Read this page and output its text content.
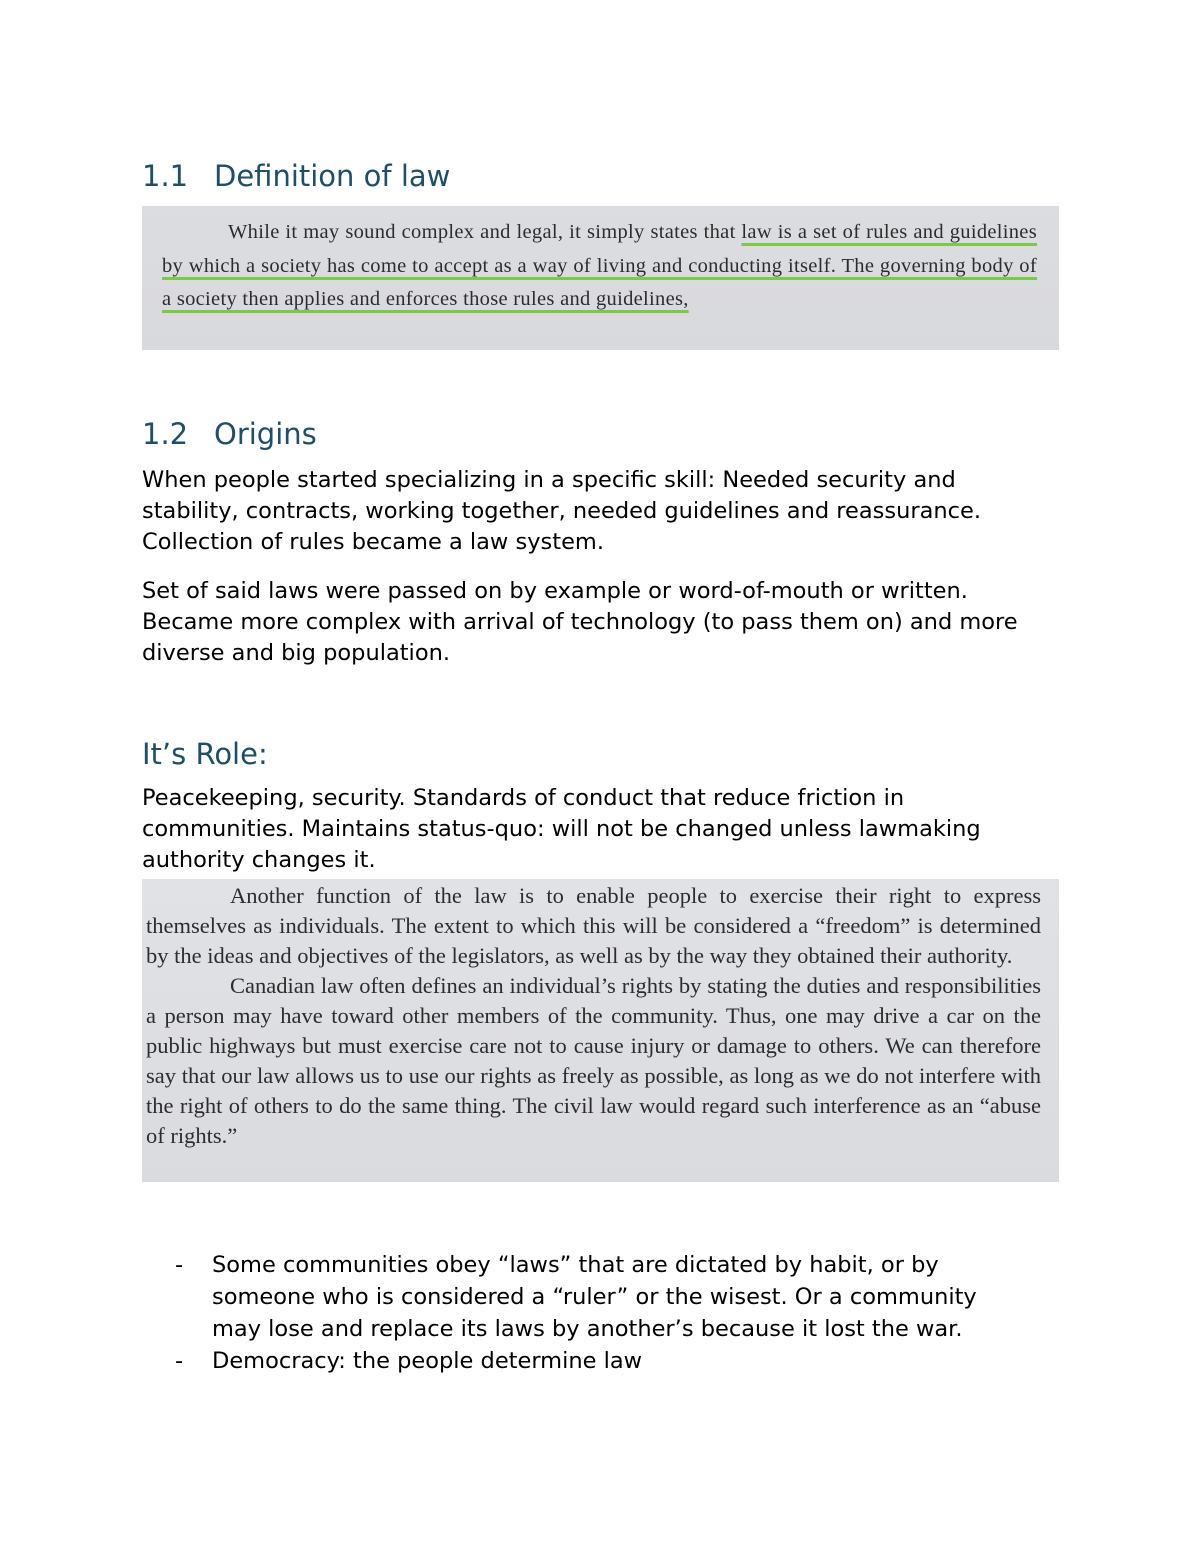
1.1 Definition of law

While it may sound complex and legal, it simply states that law is a set of rules and guidelines by which a society has come to accept as a way of living and conducting itself. The governing body of a society then applies and enforces those rules and guidelines,

1.2 Origins

When people started specializing in a specific skill: Needed security and stability, contracts, working together, needed guidelines and reassurance. Collection of rules became a law system.

Set of said laws were passed on by example or word-of-mouth or written. Became more complex with arrival of technology (to pass them on) and more diverse and big population.

It’s Role:

Peacekeeping, security. Standards of conduct that reduce friction in communities. Maintains status-quo: will not be changed unless lawmaking authority changes it.

Another function of the law is to enable people to exercise their right to express themselves as individuals. The extent to which this will be considered a “freedom” is determined by the ideas and objectives of the legislators, as well as by the way they obtained their authority.

Canadian law often defines an individual’s rights by stating the duties and responsibilities a person may have toward other members of the community. Thus, one may drive a car on the public highways but must exercise care not to cause injury or damage to others. We can therefore say that our law allows us to use our rights as freely as possible, as long as we do not interfere with the right of others to do the same thing. The civil law would regard such interference as an “abuse of rights.”

- Some communities obey “laws” that are dictated by habit, or by someone who is considered a “ruler” or the wisest. Or a community may lose and replace its laws by another’s because it lost the war.
- Democracy: the people determine law
